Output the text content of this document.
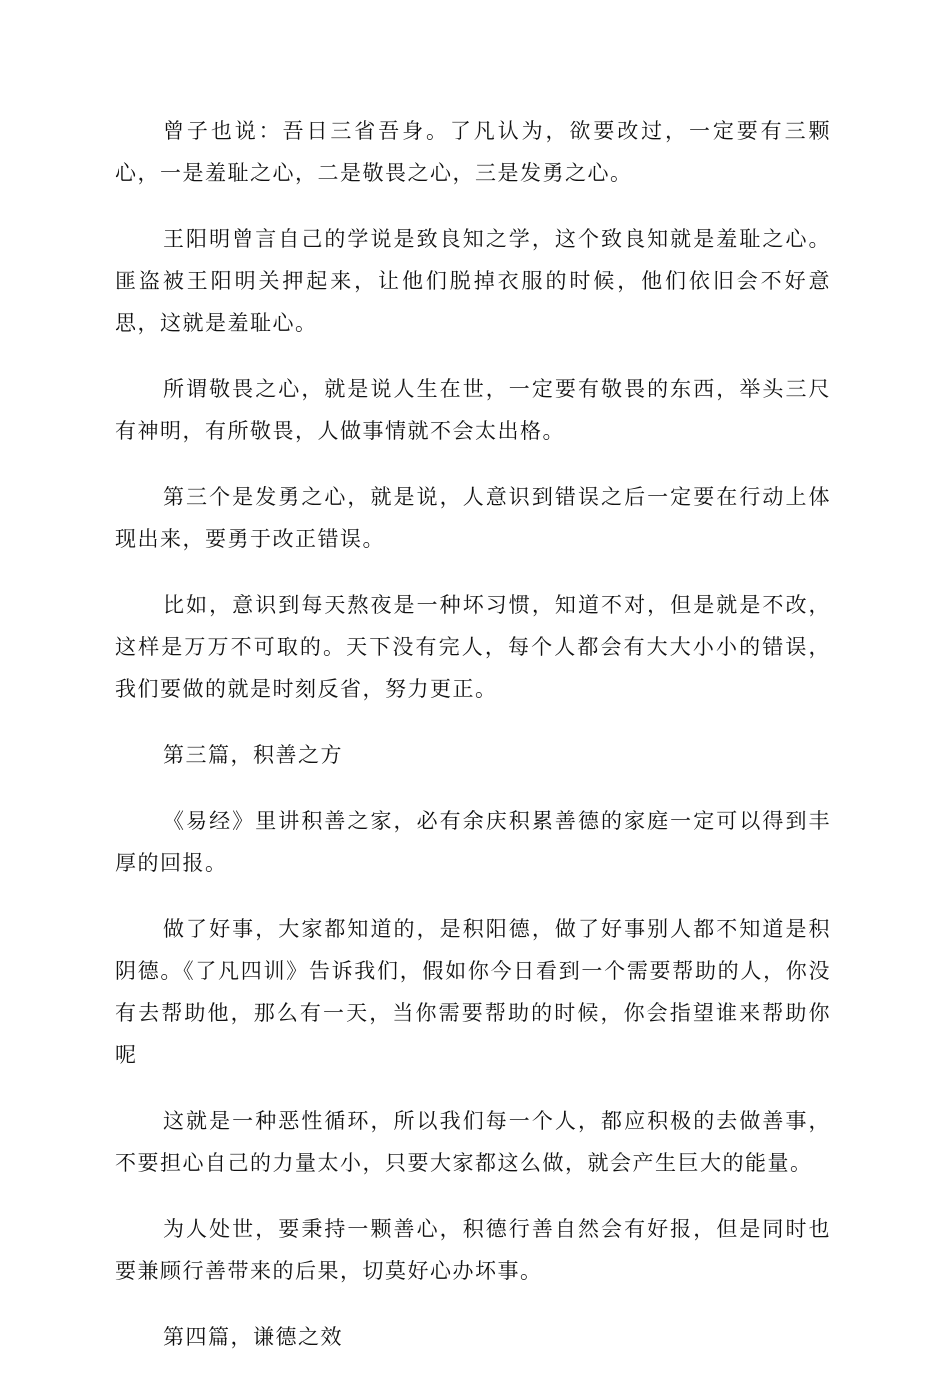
曾子也说：吾日三省吾身。了凡认为，欲要改过，一定要有三颗心，一是羞耻之心，二是敬畏之心，三是发勇之心。

王阳明曾言自己的学说是致良知之学，这个致良知就是羞耻之心。匪盗被王阳明关押起来，让他们脱掉衣服的时候，他们依旧会不好意思，这就是羞耻心。

所谓敬畏之心，就是说人生在世，一定要有敬畏的东西，举头三尺有神明，有所敬畏，人做事情就不会太出格。

第三个是发勇之心，就是说，人意识到错误之后一定要在行动上体现出来，要勇于改正错误。

比如，意识到每天熬夜是一种坏习惯，知道不对，但是就是不改，这样是万万不可取的。天下没有完人，每个人都会有大大小小的错误，我们要做的就是时刻反省，努力更正。

第三篇，积善之方

《易经》里讲积善之家，必有余庆积累善德的家庭一定可以得到丰厚的回报。

做了好事，大家都知道的，是积阳德，做了好事别人都不知道是积阴德。《了凡四训》告诉我们，假如你今日看到一个需要帮助的人，你没有去帮助他，那么有一天，当你需要帮助的时候，你会指望谁来帮助你呢

这就是一种恶性循环，所以我们每一个人，都应积极的去做善事，不要担心自己的力量太小，只要大家都这么做，就会产生巨大的能量。

为人处世，要秉持一颗善心，积德行善自然会有好报，但是同时也要兼顾行善带来的后果，切莫好心办坏事。

第四篇，谦德之效
